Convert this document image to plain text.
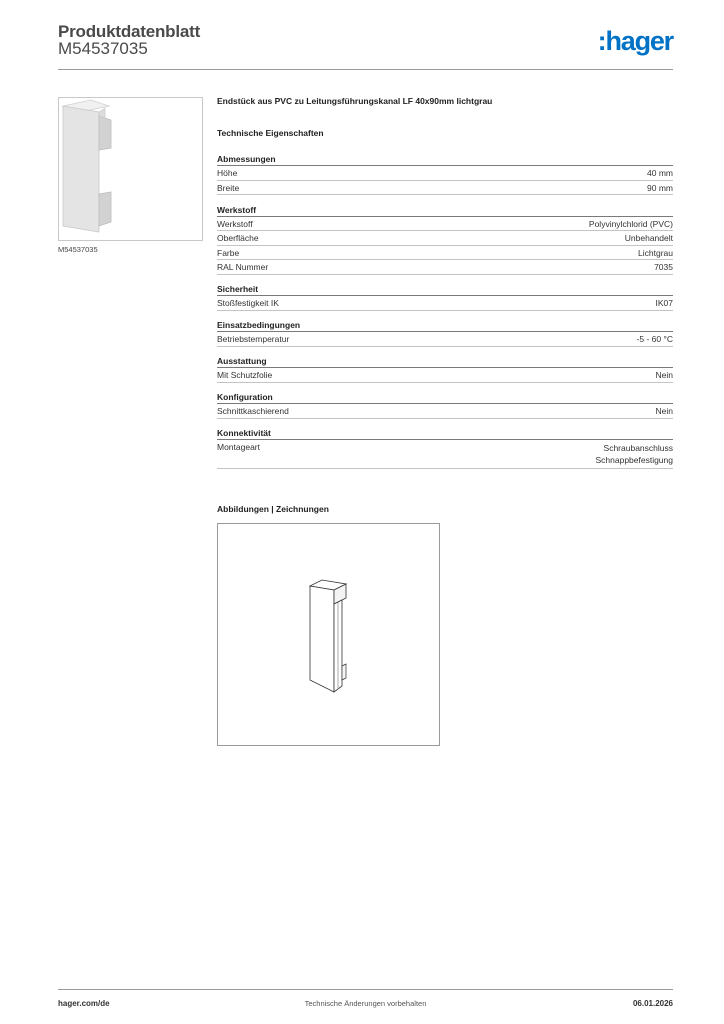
Produktdatenblatt
M54537035	:hager
M54537035
Endstück aus PVC zu Leitungsführungskanal LF 40x90mm lichtgrau
Technische Eigenschaften
Abmessungen
Höhe	40 mm
Breite	90 mm
Werkstoff
Werkstoff	Polyvinylchlorid (PVC)
Oberfläche	Unbehandelt
Farbe	Lichtgrau
RAL Nummer	7035
Sicherheit
Stoßfestigkeit IK	IK07
Einsatzbedingungen
Betriebstemperatur	-5 - 60 °C
Ausstattung
Mit Schutzfolie	Nein
Konfiguration
Schnittkaschierend	Nein
Konnektivität
Montageart	Schraubanschluss
Schnappbefestigung
Abbildungen | Zeichnungen
hager.com/de	Technische Änderungen vorbehalten	06.01.2026
